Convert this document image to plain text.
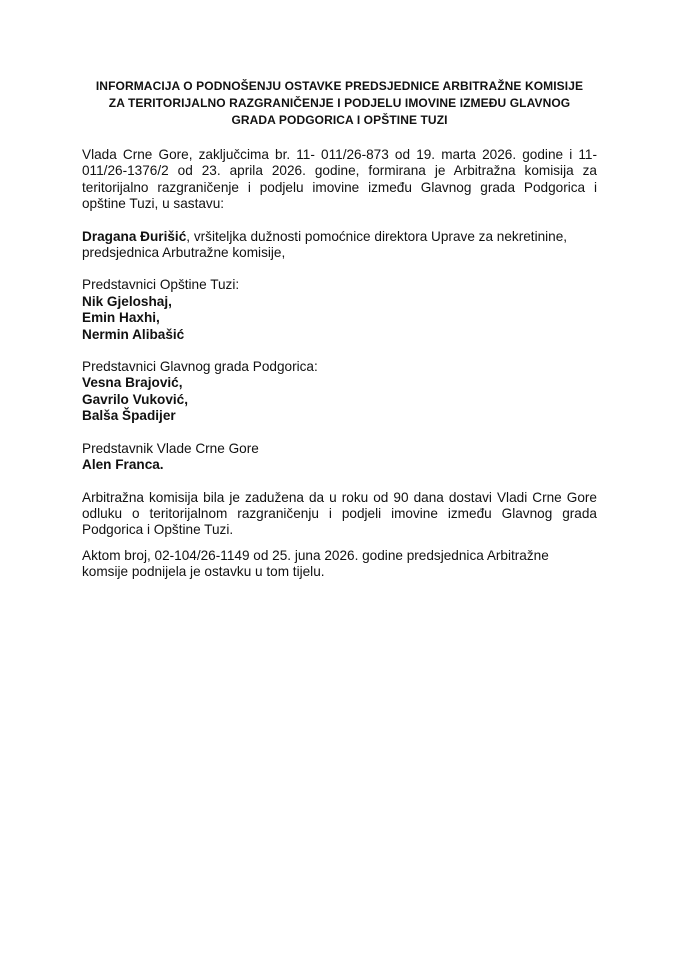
INFORMACIJA O PODNOŠENJU OSTAVKE PREDSJEDNICE ARBITRAŽNE KOMISIJE
ZA TERITORIJALNO RAZGRANIČENJE I PODJELU IMOVINE IZMEĐU GLAVNOG
GRADA PODGORICA I OPŠTINE TUZI

Vlada Crne Gore, zaključcima br. 11- 011/26-873 od 19. marta 2026. godine i 11-011/26-1376/2 od 23. aprila 2026. godine, formirana je Arbitražna komisija za teritorijalno razgraničenje i podjelu imovine između Glavnog grada Podgorica i opštine Tuzi, u sastavu:

Dragana Đurišić, vršiteljka dužnosti pomoćnice direktora Uprave za nekretinine, predsjednica Arbutražne komisije,

Predstavnici Opštine Tuzi:
Nik Gjeloshaj,
Emin Haxhi,
Nermin Alibašić
Predstavnici Glavnog grada Podgorica:
Vesna Brajović,
Gavrilo Vuković,
Balša Špadijer
Predstavnik Vlade Crne Gore
Alen Franca.

Arbitražna komisija bila je zadužena da u roku od 90 dana dostavi Vladi Crne Gore odluku o teritorijalnom razgraničenju i podjeli imovine između Glavnog grada Podgorica i Opštine Tuzi.

Aktom broj, 02-104/26-1149 od 25. juna 2026. godine predsjednica Arbitražne komsije podnijela je ostavku u tom tijelu.
